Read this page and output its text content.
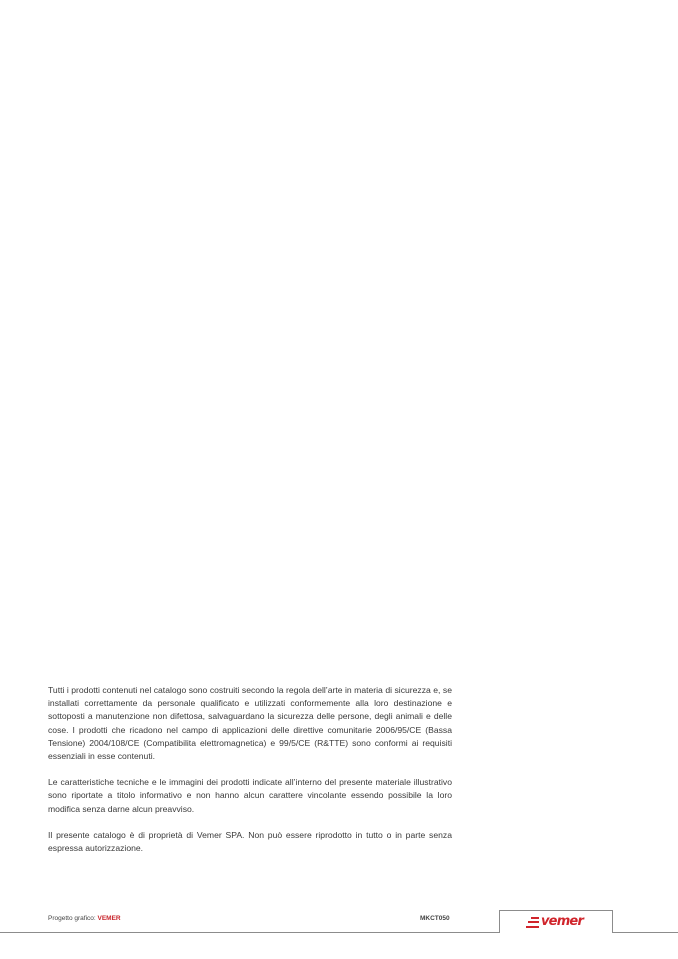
Tutti i prodotti contenuti nel catalogo sono costruiti secondo la regola dell’arte in materia di sicurezza e, se installati correttamente da personale qualificato e utilizzati conformemente alla loro destinazione e sottoposti a manutenzione non difettosa, salvaguardano la sicurezza delle persone, degli animali e delle cose. I prodotti che ricadono nel campo di applicazioni delle direttive comunitarie 2006/95/CE (Bassa Tensione) 2004/108/CE (Compatibilita elettromagnetica) e 99/5/CE (R&TTE) sono conformi ai requisiti essenziali in esse contenuti.

Le caratteristiche tecniche e le immagini dei prodotti indicate all’interno del presente materiale illustrativo sono riportate a titolo informativo e non hanno alcun carattere vincolante essendo possibile la loro modifica senza darne alcun preavviso.

Il presente catalogo è di proprietà di Vemer SPA. Non può essere riprodotto in tutto o in parte senza espressa autorizzazione.

Progetto grafico: VEMER	MKCT050	vemer
